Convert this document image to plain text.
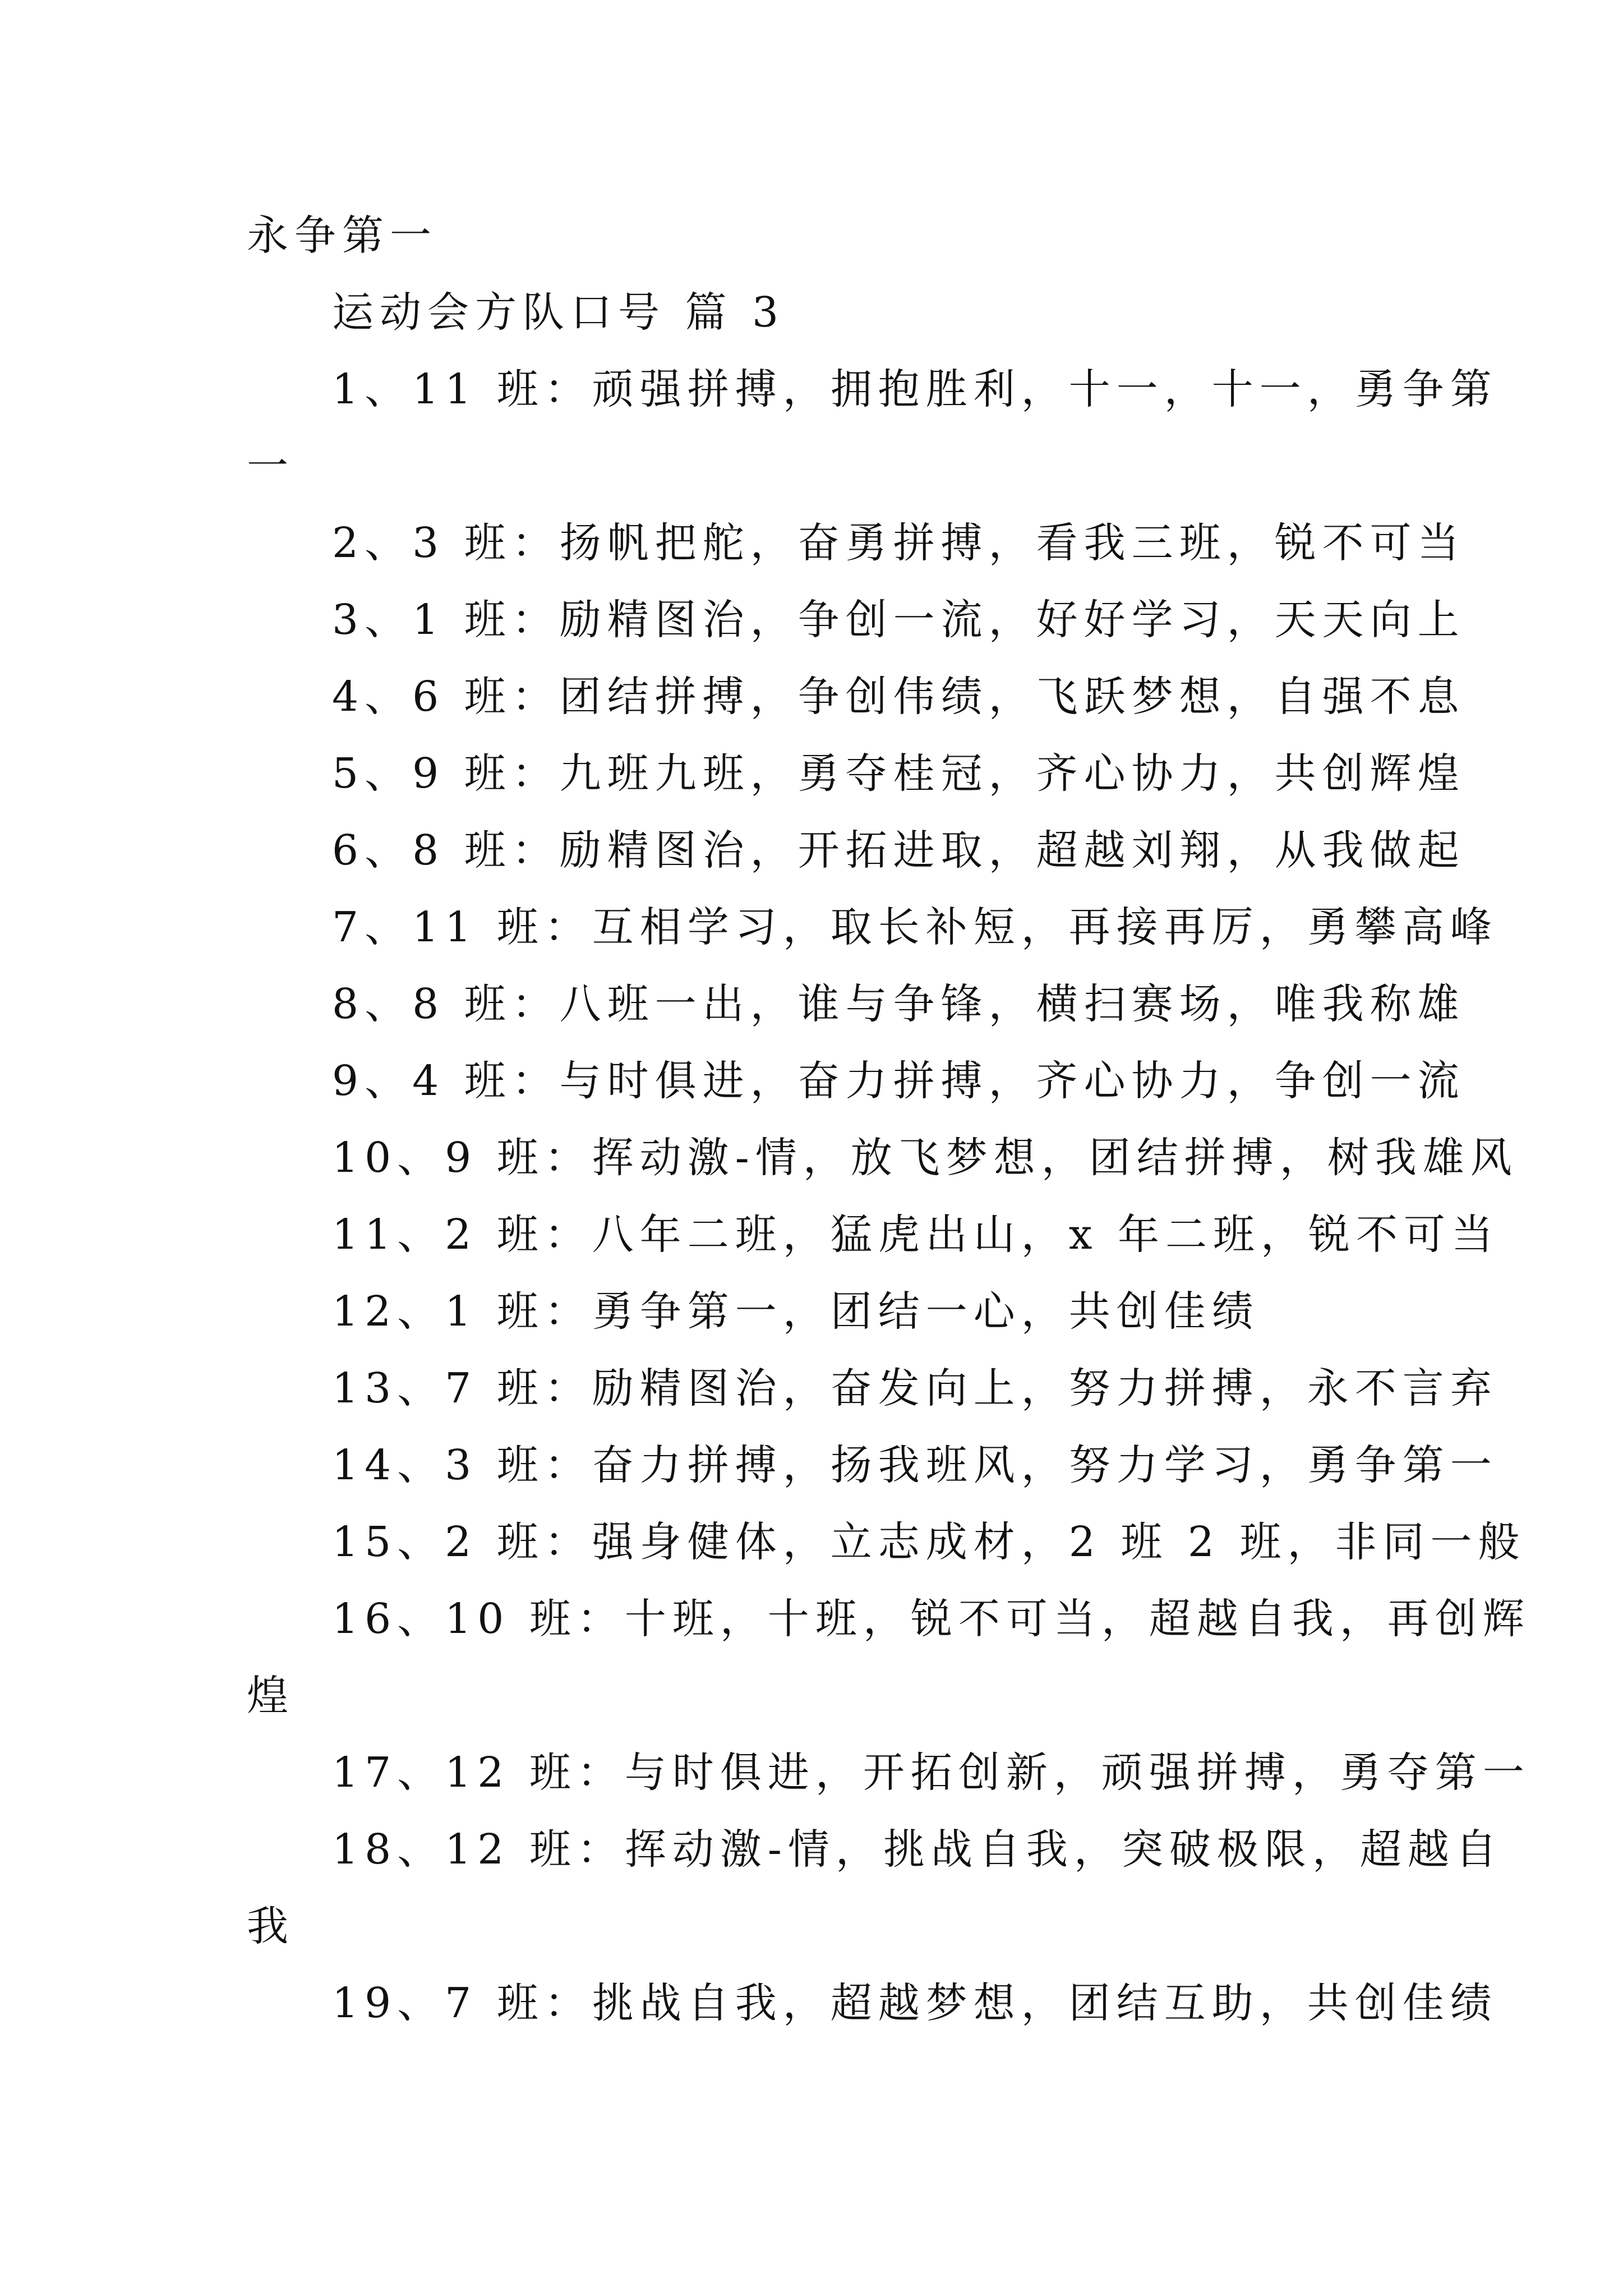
永争第一
运动会方队口号 篇 3
1、11 班：顽强拼搏，拥抱胜利，十一，十一，勇争第
一
2、3 班：扬帆把舵，奋勇拼搏，看我三班，锐不可当
3、1 班：励精图治，争创一流，好好学习，天天向上
4、6 班：团结拼搏，争创伟绩，飞跃梦想，自强不息
5、9 班：九班九班，勇夺桂冠，齐心协力，共创辉煌
6、8 班：励精图治，开拓进取，超越刘翔，从我做起
7、11 班：互相学习，取长补短，再接再厉，勇攀高峰
8、8 班：八班一出，谁与争锋，横扫赛场，唯我称雄
9、4 班：与时俱进，奋力拼搏，齐心协力，争创一流
10、9 班：挥动激-情，放飞梦想，团结拼搏，树我雄风
11、2 班：八年二班，猛虎出山，x 年二班，锐不可当
12、1 班：勇争第一，团结一心，共创佳绩
13、7 班：励精图治，奋发向上，努力拼搏，永不言弃
14、3 班：奋力拼搏，扬我班风，努力学习，勇争第一
15、2 班：强身健体，立志成材，2 班 2 班，非同一般
16、10 班：十班，十班，锐不可当，超越自我，再创辉
煌
17、12 班：与时俱进，开拓创新，顽强拼搏，勇夺第一
18、12 班：挥动激-情，挑战自我，突破极限，超越自
我
19、7 班：挑战自我，超越梦想，团结互助，共创佳绩
